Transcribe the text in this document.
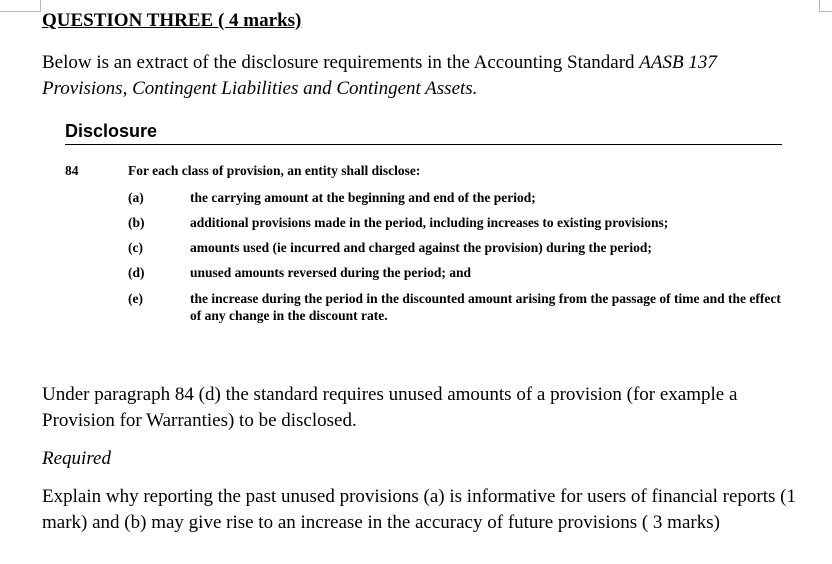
QUESTION THREE ( 4 marks)
Below is an extract of the disclosure requirements in the Accounting Standard AASB 137 Provisions, Contingent Liabilities and Contingent Assets.
Disclosure
84	For each class of provision, an entity shall disclose:
(a)	the carrying amount at the beginning and end of the period;
(b)	additional provisions made in the period, including increases to existing provisions;
(c)	amounts used (ie incurred and charged against the provision) during the period;
(d)	unused amounts reversed during the period; and
(e)	the increase during the period in the discounted amount arising from the passage of time and the effect of any change in the discount rate.
Under paragraph 84 (d) the standard requires unused amounts of a provision (for example a Provision for Warranties) to be disclosed.
Required
Explain why reporting the past unused provisions (a) is informative for users of financial reports (1 mark) and (b) may give rise to an increase in the accuracy of future provisions ( 3 marks)
